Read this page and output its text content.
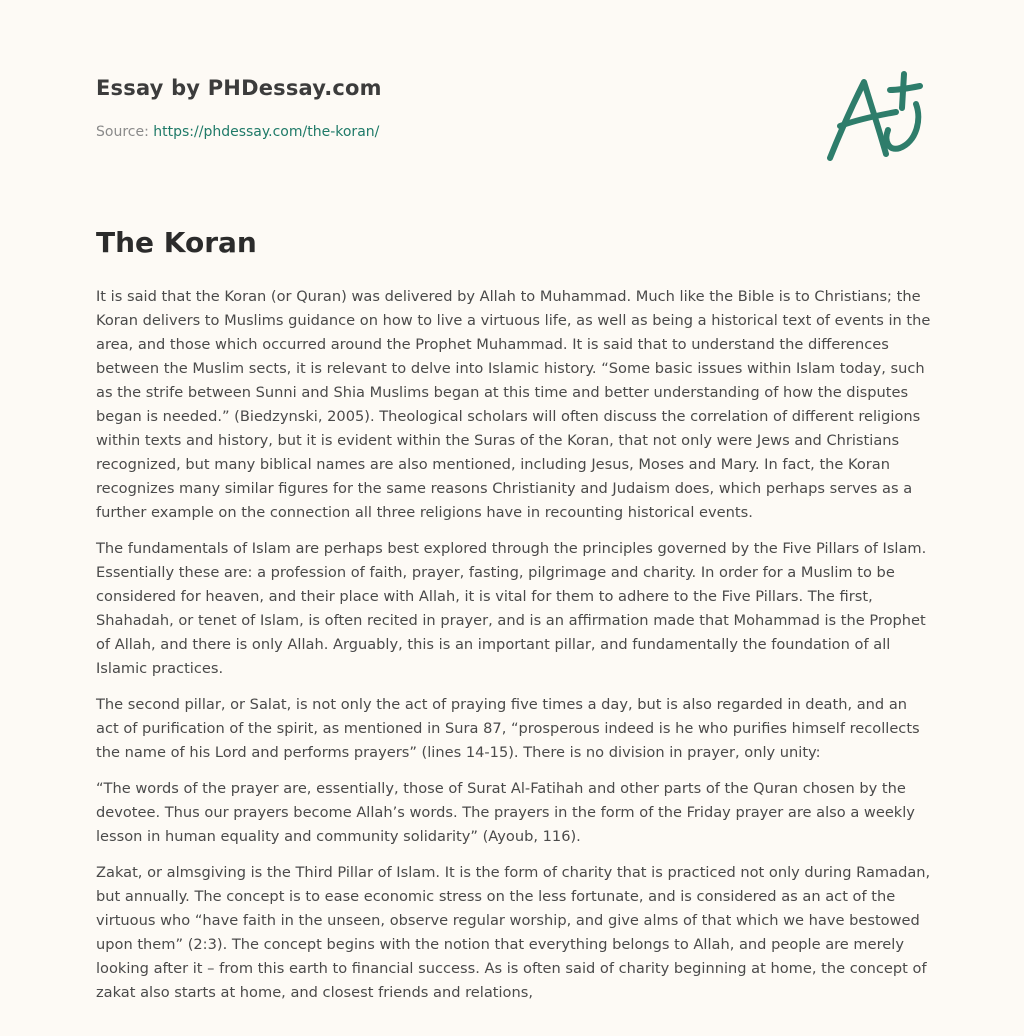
Essay by PHDessay.com
Source: https://phdessay.com/the-koran/
The Koran

It is said that the Koran (or Quran) was delivered by Allah to Muhammad. Much like the Bible is to Christians; the Koran delivers to Muslims guidance on how to live a virtuous life, as well as being a historical text of events in the area, and those which occurred around the Prophet Muhammad. It is said that to understand the differences between the Muslim sects, it is relevant to delve into Islamic history. “Some basic issues within Islam today, such as the strife between Sunni and Shia Muslims began at this time and better understanding of how the disputes began is needed.” (Biedzynski, 2005). Theological scholars will often discuss the correlation of different religions within texts and history, but it is evident within the Suras of the Koran, that not only were Jews and Christians recognized, but many biblical names are also mentioned, including Jesus, Moses and Mary. In fact, the Koran recognizes many similar figures for the same reasons Christianity and Judaism does, which perhaps serves as a further example on the connection all three religions have in recounting historical events.

The fundamentals of Islam are perhaps best explored through the principles governed by the Five Pillars of Islam. Essentially these are: a profession of faith, prayer, fasting, pilgrimage and charity. In order for a Muslim to be considered for heaven, and their place with Allah, it is vital for them to adhere to the Five Pillars. The first, Shahadah, or tenet of Islam, is often recited in prayer, and is an affirmation made that Mohammad is the Prophet of Allah, and there is only Allah. Arguably, this is an important pillar, and fundamentally the foundation of all Islamic practices.

The second pillar, or Salat, is not only the act of praying five times a day, but is also regarded in death, and an act of purification of the spirit, as mentioned in Sura 87, “prosperous indeed is he who purifies himself recollects the name of his Lord and performs prayers” (lines 14-15). There is no division in prayer, only unity:

“The words of the prayer are, essentially, those of Surat Al-Fatihah and other parts of the Quran chosen by the devotee. Thus our prayers become Allah’s words. The prayers in the form of the Friday prayer are also a weekly lesson in human equality and community solidarity” (Ayoub, 116).

Zakat, or almsgiving is the Third Pillar of Islam. It is the form of charity that is practiced not only during Ramadan, but annually. The concept is to ease economic stress on the less fortunate, and is considered as an act of the virtuous who “have faith in the unseen, observe regular worship, and give alms of that which we have bestowed upon them” (2:3). The concept begins with the notion that everything belongs to Allah, and people are merely looking after it – from this earth to financial success. As is often said of charity beginning at home, the concept of zakat also starts at home, and closest friends and relations,
